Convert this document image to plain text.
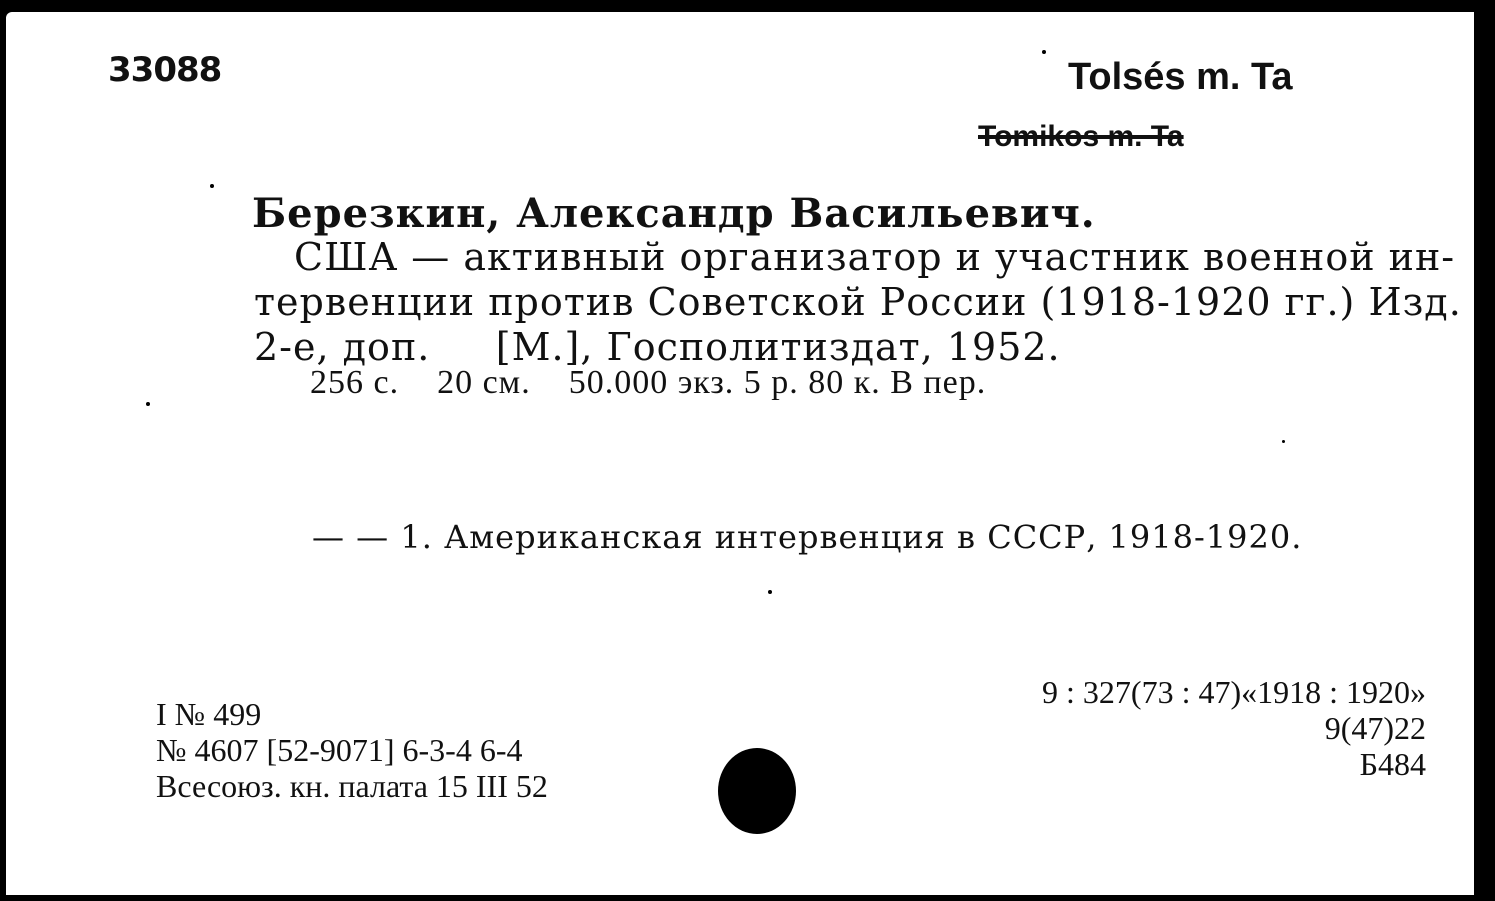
33088	Tolsés m. Ta
Tomikos m. Ta
Березкин, Александр Васильевич.
США — активный организатор и участник военной ин-
тервенции против Советской России (1918-1920 гг.) Изд.
2-е, доп.     [М.], Госполитиздат, 1952.
256 с.    20 см.    50.000 экз. 5 р. 80 к. В пер.
— — 1. Американская интервенция в СССР, 1918-1920.
I № 499
№ 4607 [52-9071] 6-3-4 6-4
Всесоюз. кн. палата 15 III 52
9 : 327(73 : 47)«1918 : 1920»
9(47)22
Б484
